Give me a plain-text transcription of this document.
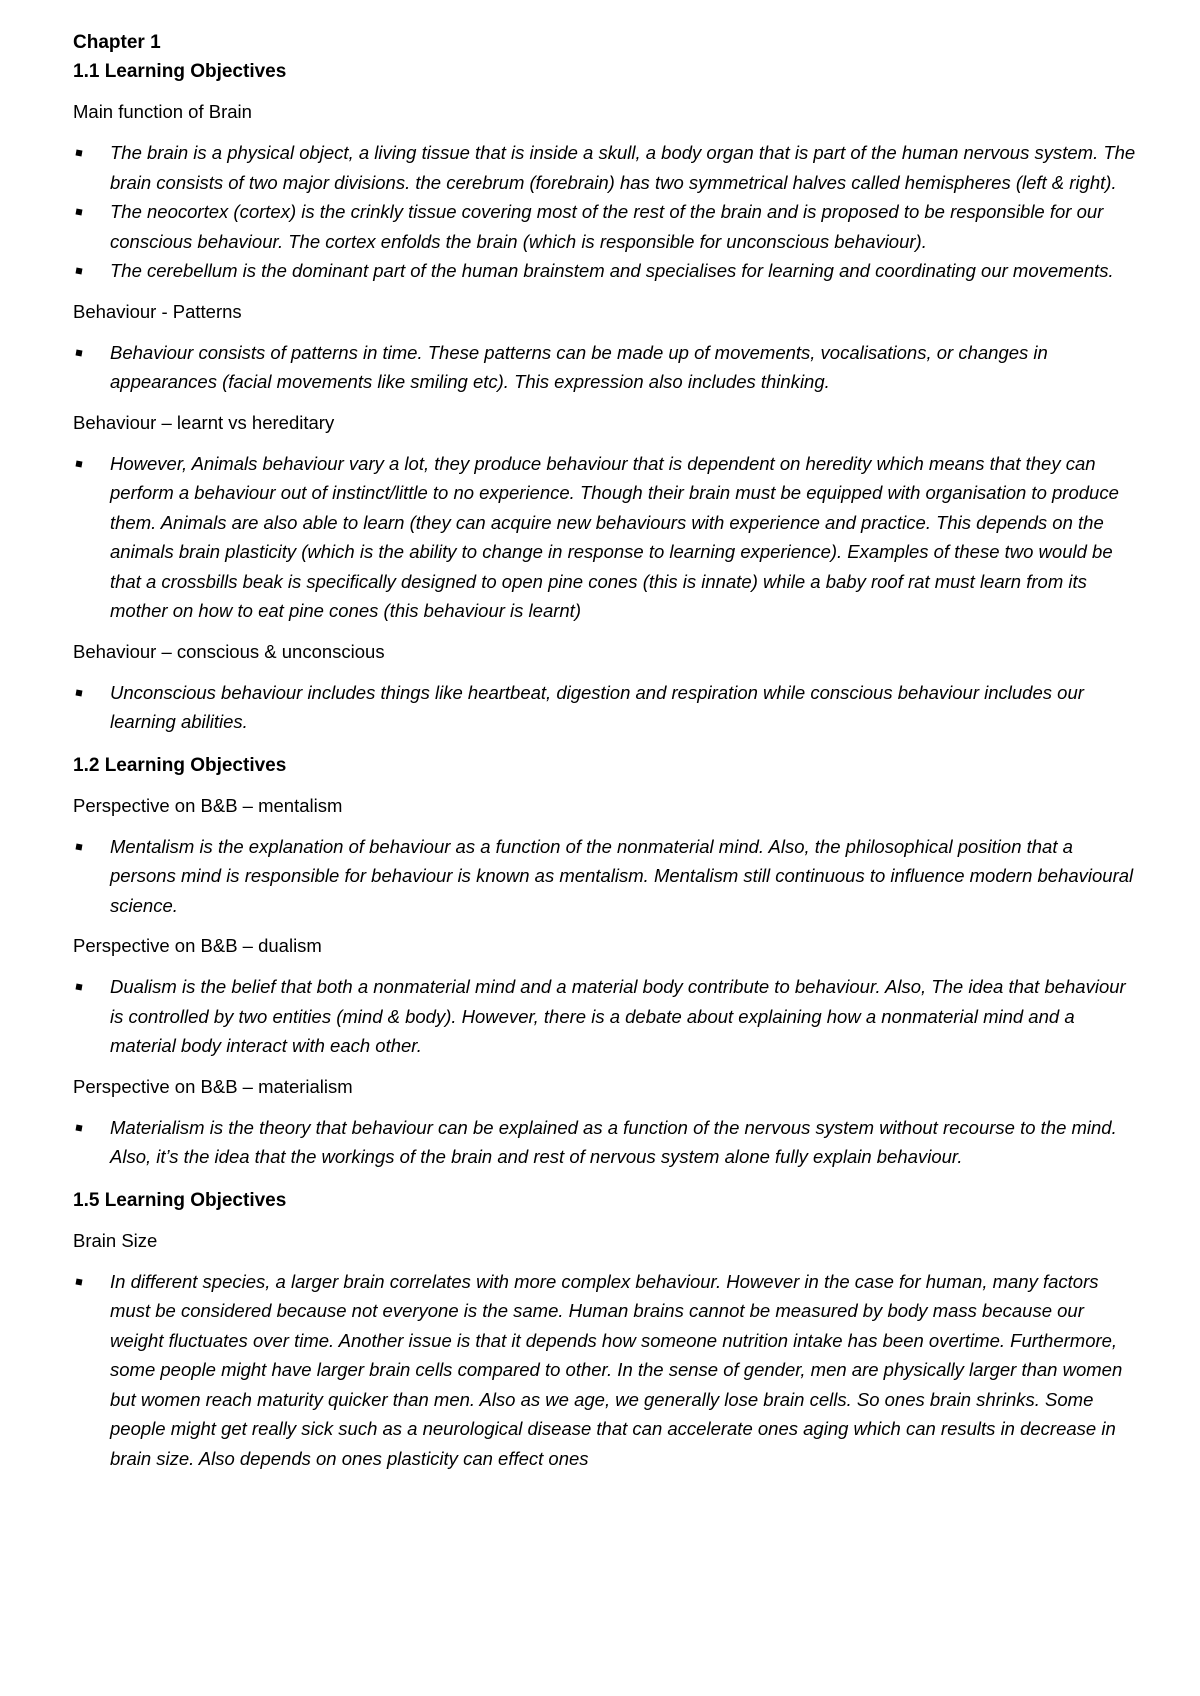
Chapter 1

1.1 Learning Objectives

Main function of Brain

The brain is a physical object, a living tissue that is inside a skull, a body organ that is part of the human nervous system. The brain consists of two major divisions. the cerebrum (forebrain) has two symmetrical halves called hemispheres (left & right).
The neocortex (cortex) is the crinkly tissue covering most of the rest of the brain and is proposed to be responsible for our conscious behaviour. The cortex enfolds the brain (which is responsible for unconscious behaviour).
The cerebellum is the dominant part of the human brainstem and specialises for learning and coordinating our movements.

Behaviour - Patterns

Behaviour consists of patterns in time. These patterns can be made up of movements, vocalisations, or changes in appearances (facial movements like smiling etc). This expression also includes thinking.

Behaviour – learnt vs hereditary

However, Animals behaviour vary a lot, they produce behaviour that is dependent on heredity which means that they can perform a behaviour out of instinct/little to no experience. Though their brain must be equipped with organisation to produce them. Animals are also able to learn (they can acquire new behaviours with experience and practice. This depends on the animals brain plasticity (which is the ability to change in response to learning experience). Examples of these two would be that a crossbills beak is specifically designed to open pine cones (this is innate) while a baby roof rat must learn from its mother on how to eat pine cones (this behaviour is learnt)

Behaviour – conscious & unconscious

Unconscious behaviour includes things like heartbeat, digestion and respiration while conscious behaviour includes our learning abilities.

1.2 Learning Objectives

Perspective on B&B – mentalism

Mentalism is the explanation of behaviour as a function of the nonmaterial mind. Also, the philosophical position that a persons mind is responsible for behaviour is known as mentalism. Mentalism still continuous to influence modern behavioural science.

Perspective on B&B – dualism

Dualism is the belief that both a nonmaterial mind and a material body contribute to behaviour. Also, The idea that behaviour is controlled by two entities (mind & body). However, there is a debate about explaining how a nonmaterial mind and a material body interact with each other.

Perspective on B&B – materialism

Materialism is the theory that behaviour can be explained as a function of the nervous system without recourse to the mind. Also, it’s the idea that the workings of the brain and rest of nervous system alone fully explain behaviour.

1.5 Learning Objectives

Brain Size

In different species, a larger brain correlates with more complex behaviour. However in the case for human, many factors must be considered because not everyone is the same. Human brains cannot be measured by body mass because our weight fluctuates over time. Another issue is that it depends how someone nutrition intake has been overtime. Furthermore, some people might have larger brain cells compared to other. In the sense of gender, men are physically larger than women but women reach maturity quicker than men. Also as we age, we generally lose brain cells. So ones brain shrinks. Some people might get really sick such as a neurological disease that can accelerate ones aging which can results in decrease in brain size. Also depends on ones plasticity can effect ones
